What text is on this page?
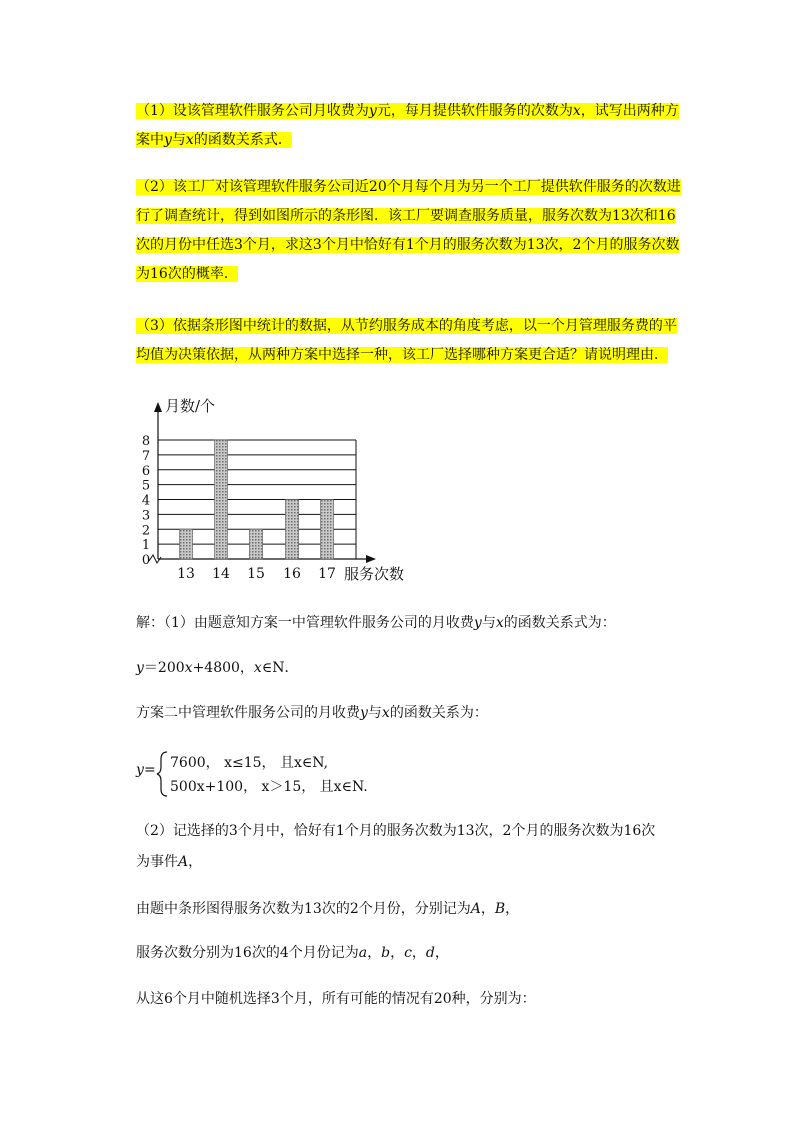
（1）设该管理软件服务公司月收费为y元，每月提供软件服务的次数为x，试写出两种方案中y与x的函数关系式．
（2）该工厂对该管理软件服务公司近20个月每个月为另一个工厂提供软件服务的次数进行了调查统计，得到如图所示的条形图．该工厂要调查服务质量，服务次数为13次和16次的月份中任选3个月，求这3个月中恰好有1个月的服务次数为13次，2个月的服务次数为16次的概率．
（3）依据条形图中统计的数据，从节约服务成本的角度考虑，以一个月管理服务费的平均值为决策依据，从两种方案中选择一种，该工厂选择哪种方案更合适？请说明理由．
0
1
2
3
4
5
6
7
8
13 14 15 16 17
月数/个
服务次数
解：（1）由题意知方案一中管理软件服务公司的月收费y与x的函数关系式为：
y＝200x+4800，x∈N．
方案二中管理软件服务公司的月收费y与x的函数关系为：
y = 7600， x≤15， 且x∈N,
500x+100， x＞15， 且x∈N.
（2）记选择的3个月中，恰好有1个月的服务次数为13次，2个月的服务次数为16次
为事件A，
由题中条形图得服务次数为13次的2个月份，分别记为A，B，
服务次数分别为16次的4个月份记为a，b，c，d，
从这6个月中随机选择3个月，所有可能的情况有20种，分别为：
